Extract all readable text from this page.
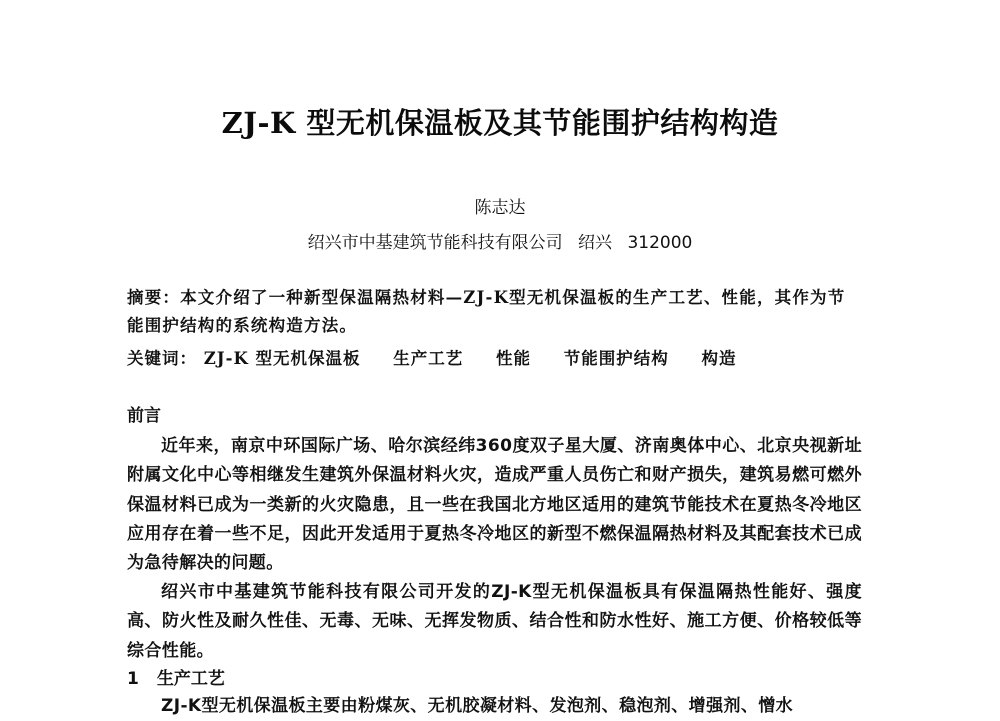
ZJ-K 型无机保温板及其节能围护结构构造
陈志达
绍兴市中基建筑节能科技有限公司 绍兴 312000
摘要：本文介绍了一种新型保温隔热材料—ZJ-K型无机保温板的生产工艺、性能，其作为节能围护结构的系统构造方法。
关键词： ZJ-K 型无机保温板 生产工艺 性能 节能围护结构 构造
前言
近年来，南京中环国际广场、哈尔滨经纬360度双子星大厦、济南奥体中心、北京央视新址附属文化中心等相继发生建筑外保温材料火灾，造成严重人员伤亡和财产损失，建筑易燃可燃外保温材料已成为一类新的火灾隐患，且一些在我国北方地区适用的建筑节能技术在夏热冬冷地区应用存在着一些不足，因此开发适用于夏热冬冷地区的新型不燃保温隔热材料及其配套技术已成为急待解决的问题。
绍兴市中基建筑节能科技有限公司开发的ZJ-K型无机保温板具有保温隔热性能好、强度高、防火性及耐久性佳、无毒、无味、无挥发物质、结合性和防水性好、施工方便、价格较低等综合性能。
1 生产工艺
ZJ-K型无机保温板主要由粉煤灰、无机胶凝材料、发泡剂、稳泡剂、增强剂、憎水
